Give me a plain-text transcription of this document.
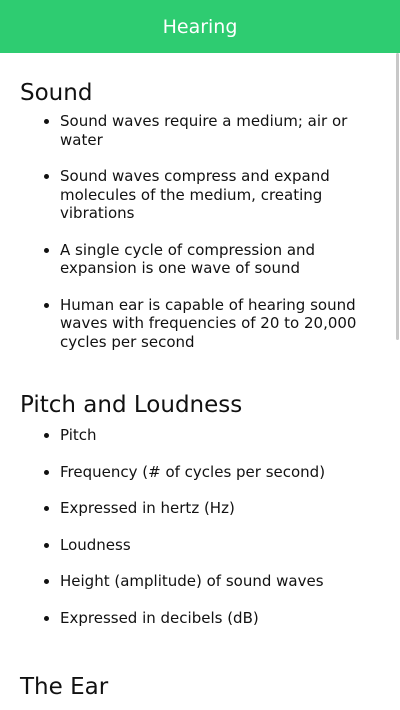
Hearing
Sound
• Sound waves require a medium; air or water
• Sound waves compress and expand molecules of the medium, creating vibrations
• A single cycle of compression and expansion is one wave of sound
• Human ear is capable of hearing sound waves with frequencies of 20 to 20,000 cycles per second
Pitch and Loudness
• Pitch
• Frequency (# of cycles per second)
• Expressed in hertz (Hz)
• Loudness
• Height (amplitude) of sound waves
• Expressed in decibels (dB)
The Ear
